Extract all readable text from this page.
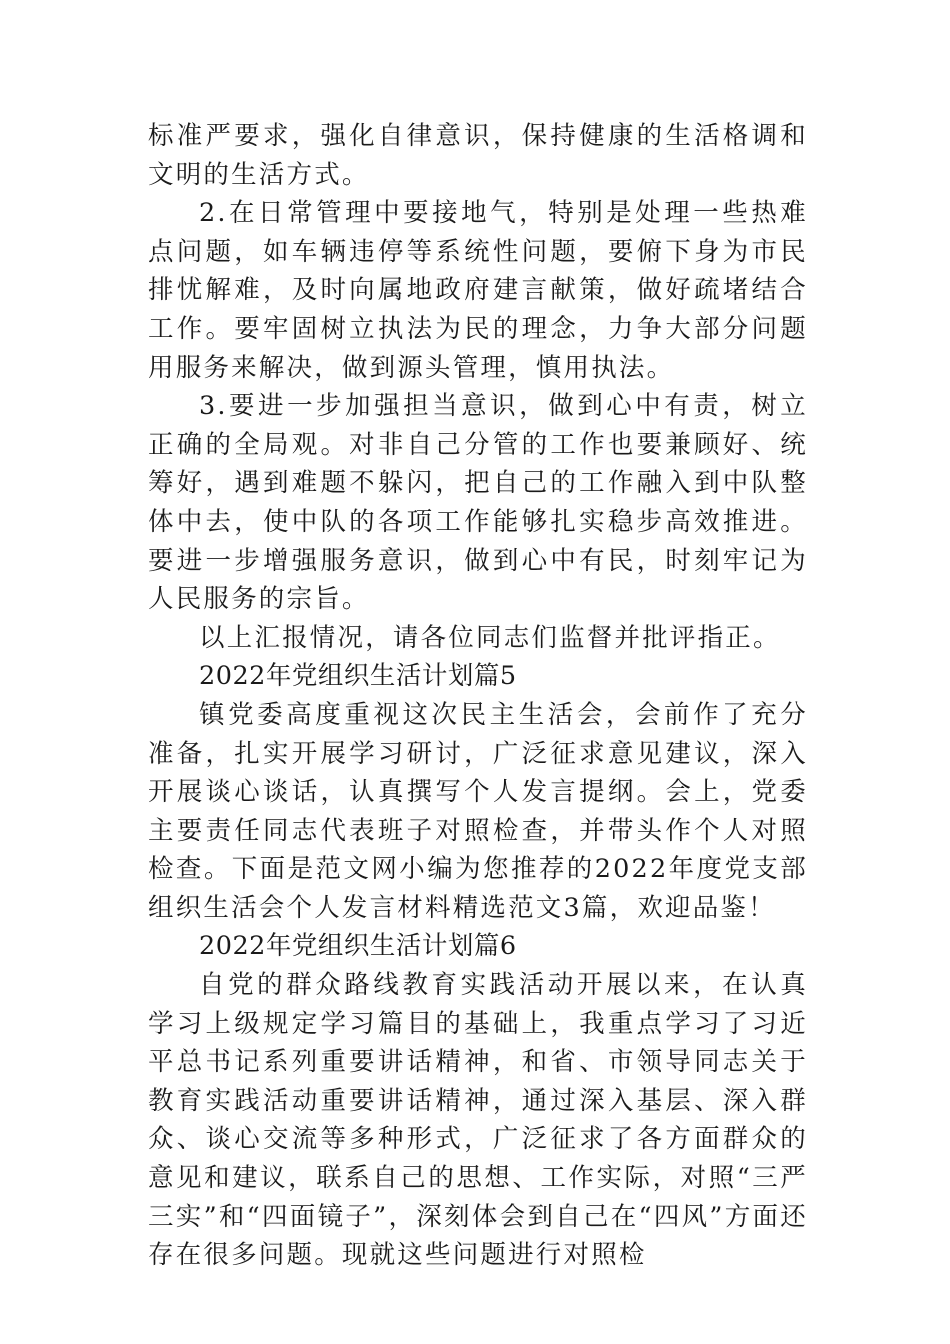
标准严要求，强化自律意识，保持健康的生活格调和文明的生活方式。

2.在日常管理中要接地气，特别是处理一些热难点问题，如车辆违停等系统性问题，要俯下身为市民排忧解难，及时向属地政府建言献策，做好疏堵结合工作。要牢固树立执法为民的理念，力争大部分问题用服务来解决，做到源头管理，慎用执法。

3.要进一步加强担当意识，做到心中有责，树立正确的全局观。对非自己分管的工作也要兼顾好、统筹好，遇到难题不躲闪，把自己的工作融入到中队整体中去，使中队的各项工作能够扎实稳步高效推进。要进一步增强服务意识，做到心中有民，时刻牢记为人民服务的宗旨。

以上汇报情况，请各位同志们监督并批评指正。

2022年党组织生活计划篇5

镇党委高度重视这次民主生活会，会前作了充分准备，扎实开展学习研讨，广泛征求意见建议，深入开展谈心谈话，认真撰写个人发言提纲。会上，党委主要责任同志代表班子对照检查，并带头作个人对照检查。下面是范文网小编为您推荐的2022年度党支部组织生活会个人发言材料精选范文3篇，欢迎品鉴！

2022年党组织生活计划篇6

自党的群众路线教育实践活动开展以来，在认真学习上级规定学习篇目的基础上，我重点学习了习近平总书记系列重要讲话精神，和省、市领导同志关于教育实践活动重要讲话精神，通过深入基层、深入群众、谈心交流等多种形式，广泛征求了各方面群众的意见和建议，联系自己的思想、工作实际，对照“三严三实”和“四面镜子”，深刻体会到自己在“四风”方面还存在很多问题。现就这些问题进行对照检
